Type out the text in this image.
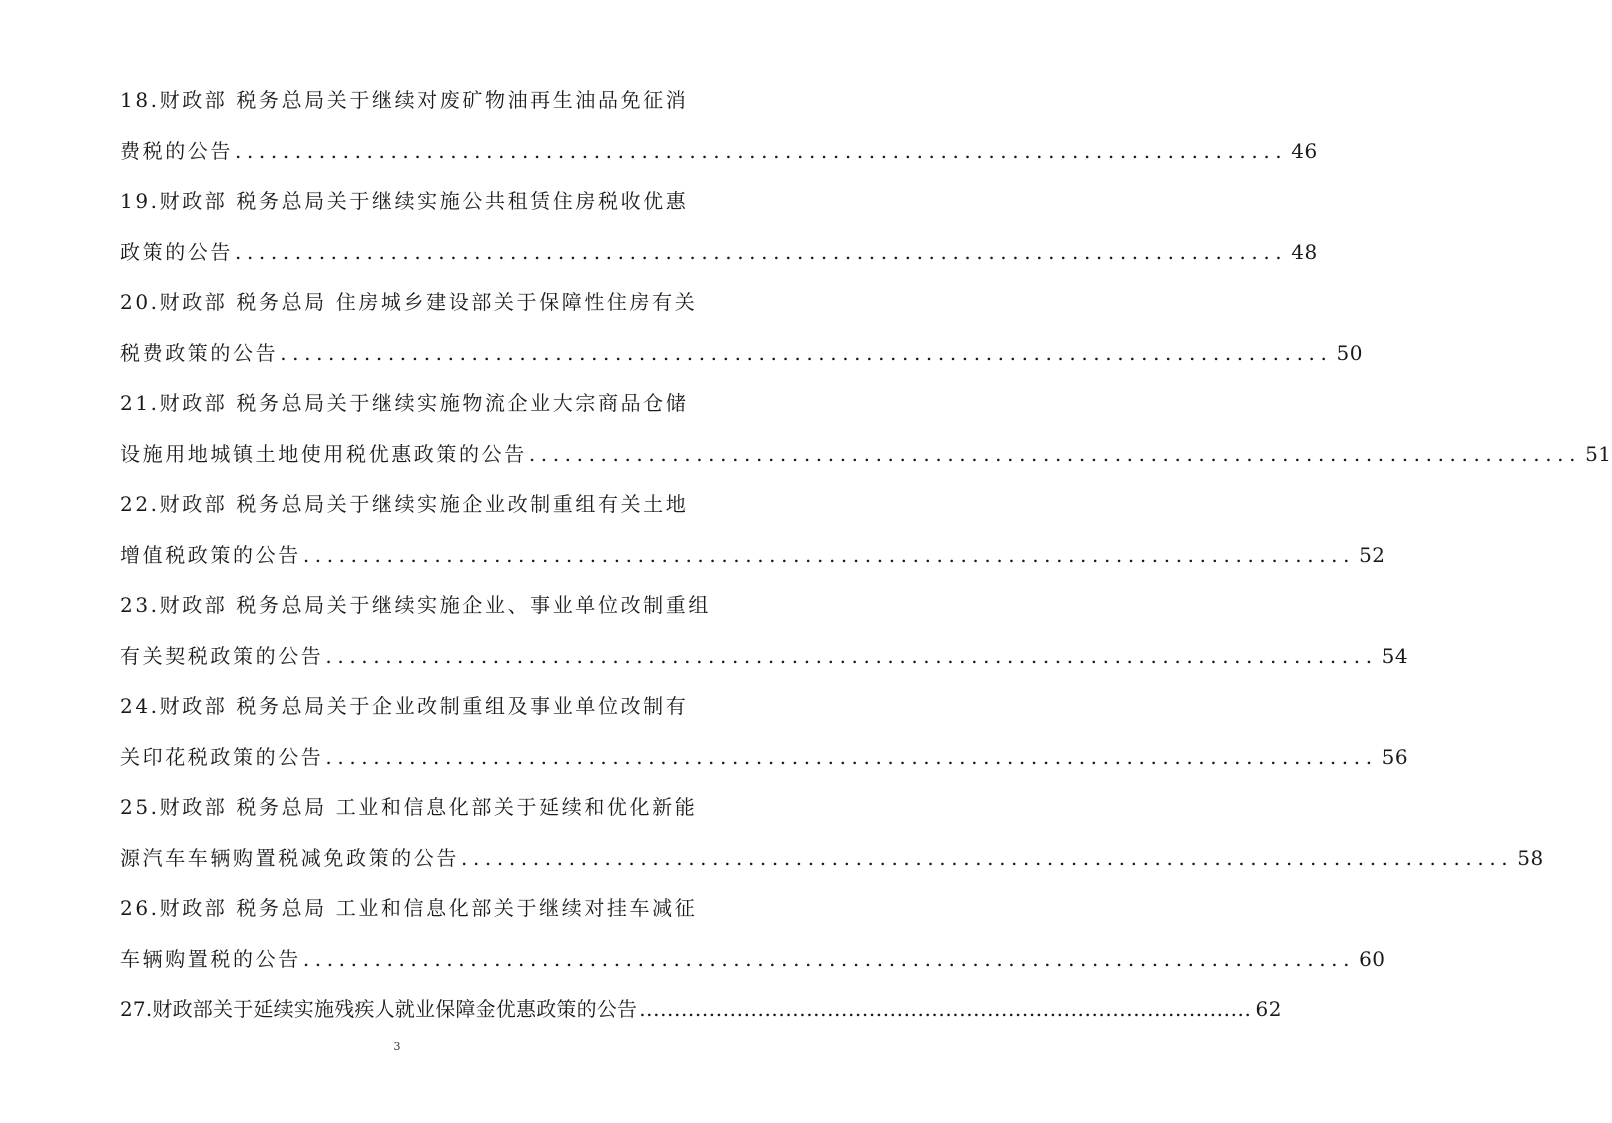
18.财政部 税务总局关于继续对废矿物油再生油品免征消
费税的公告 ........................................................................................ 46
19.财政部 税务总局关于继续实施公共租赁住房税收优惠
政策的公告 ........................................................................................ 48
20.财政部 税务总局 住房城乡建设部关于保障性住房有关
税费政策的公告 ........................................................................................ 50
21.财政部 税务总局关于继续实施物流企业大宗商品仓储
设施用地城镇土地使用税优惠政策的公告 ........................................................................................ 51
22.财政部 税务总局关于继续实施企业改制重组有关土地
增值税政策的公告 ........................................................................................ 52
23.财政部 税务总局关于继续实施企业、事业单位改制重组
有关契税政策的公告 ........................................................................................ 54
24.财政部 税务总局关于企业改制重组及事业单位改制有
关印花税政策的公告 ........................................................................................ 56
25.财政部 税务总局 工业和信息化部关于延续和优化新能
源汽车车辆购置税减免政策的公告 ........................................................................................ 58
26.财政部 税务总局 工业和信息化部关于继续对挂车减征
车辆购置税的公告 ........................................................................................ 60
27.财政部关于延续实施残疾人就业保障金优惠政策的公告 ........................................................................................ 62
3
